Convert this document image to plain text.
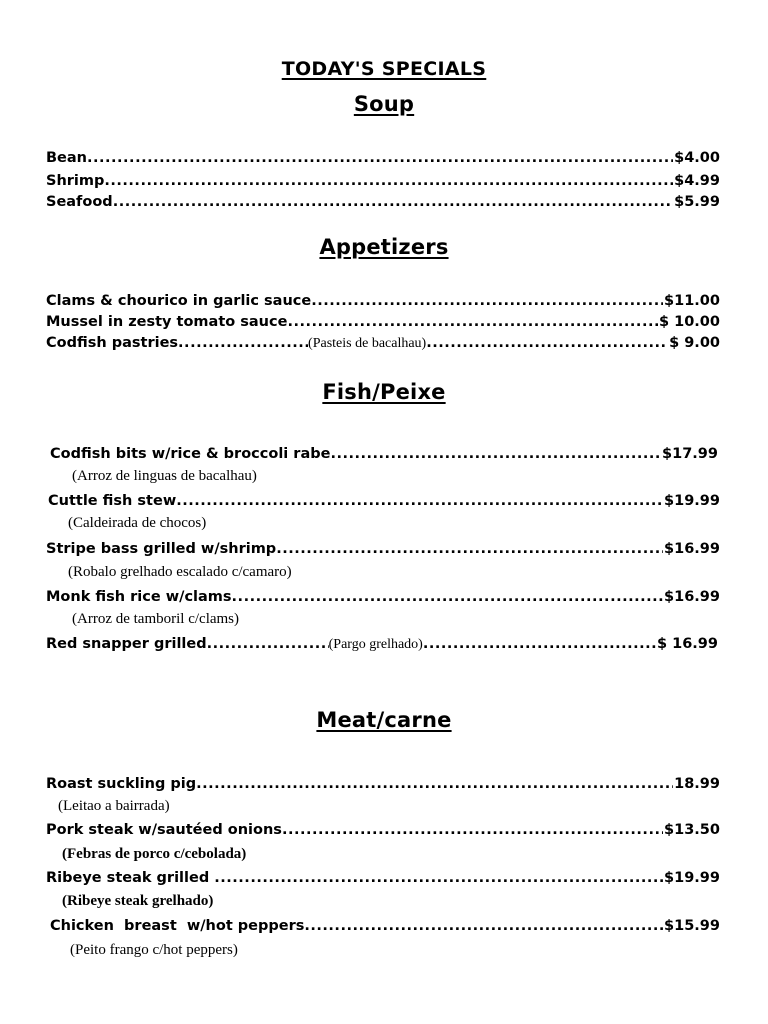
TODAY'S SPECIALS
Soup
Bean .....	$4.00
Shrimp .....	$4.99
Seafood .....	$5.99
Appetizers
Clams & chourico in garlic sauce .....	$11.00
Mussel in zesty tomato sauce .....	$ 10.00
Codfish pastries .....	(Pasteis de bacalhau) .....	$ 9.00
Fish/Peixe
Codfish bits w/rice & broccoli rabe .....	$17.99
(Arroz de linguas de bacalhau)
Cuttle fish stew .....	$19.99
(Caldeirada de chocos)
Stripe bass grilled w/shrimp .....	$16.99
(Robalo grelhado escalado c/camaro)
Monk fish rice w/clams .....	$16.99
(Arroz de tamboril c/clams)
Red snapper grilled .....	(Pargo grelhado) .....	$ 16.99
Meat/carne
Roast suckling pig .....	18.99
(Leitao a bairrada)
Pork steak w/sautéed onions .....	$13.50
(Febras de porco c/cebolada)
Ribeye steak grilled .....	$19.99
(Ribeye steak grelhado)
Chicken  breast  w/hot peppers .....	$15.99
(Peito frango c/hot peppers)
